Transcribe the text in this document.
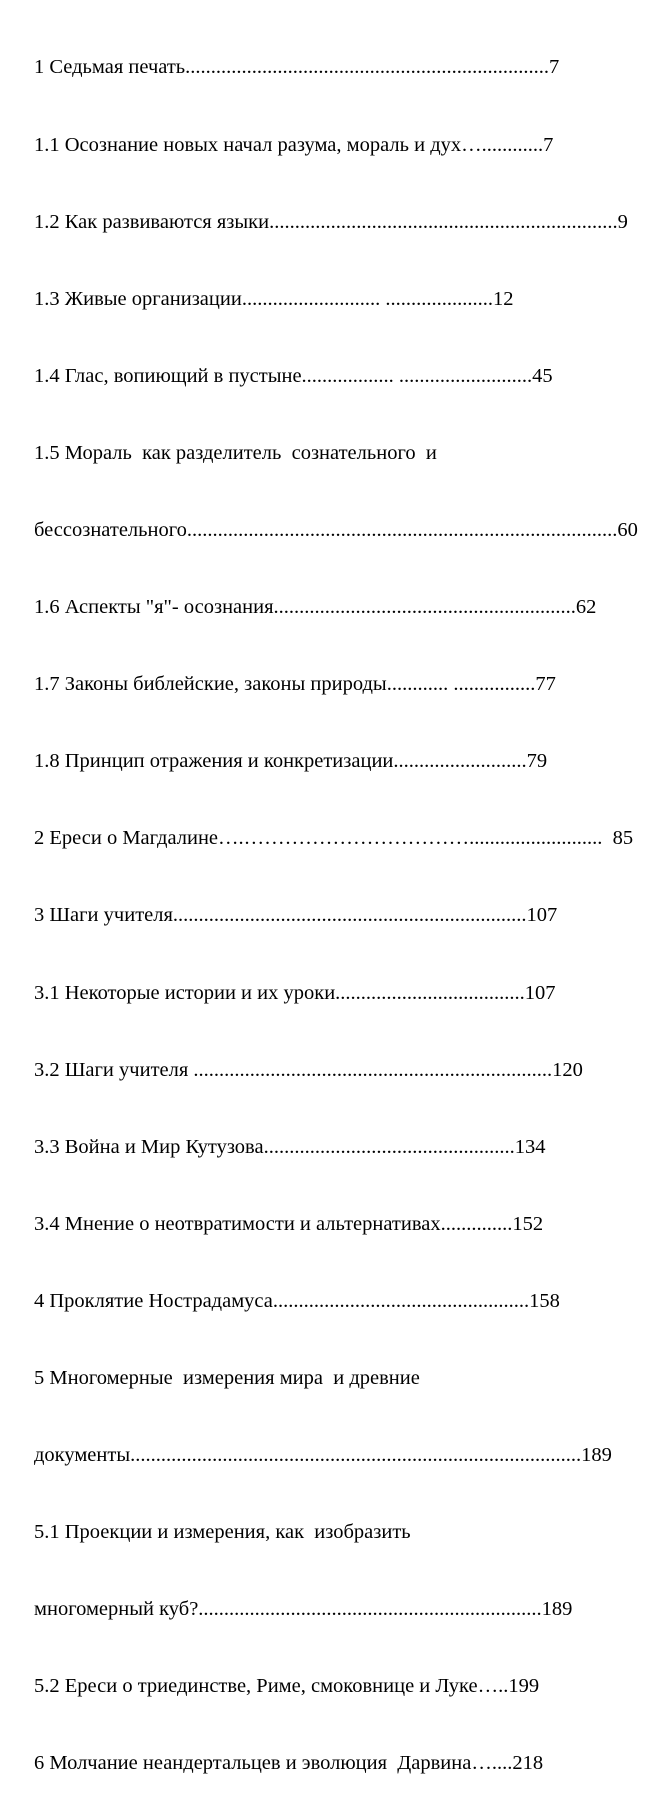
1 Седьмая печать.......................................................................7

1.1 Осознание новых начал разума, мораль и дух…............7

1.2 Как развиваются языки....................................................................9

1.3 Живые организации........................... .....................12

1.4 Глас, вопиющий в пустыне.................. ..........................45

1.5 Мораль  как разделитель  сознательного  и

бессознательного....................................................................................60

1.6 Аспекты "я"- осознания...........................................................62

1.7 Законы библейские, законы природы............ ................77

1.8 Принцип отражения и конкретизации..........................79

2 Ереси о Магдалине….……………………………..........................  85

3 Шаги учителя.....................................................................107

3.1 Некоторые истории и их уроки.....................................107

3.2 Шаги учителя ......................................................................120

3.3 Война и Мир Кутузова.................................................134

3.4 Мнение о неотвратимости и альтернативах..............152

4 Проклятие Нострадамуса..................................................158

5 Многомерные  измерения мира  и древние

документы........................................................................................189

5.1 Проекции и измерения, как  изобразить

многомерный куб?...................................................................189

5.2 Ереси о триединстве, Риме, смоковнице и Луке…..199

6 Молчание неандертальцев и эволюция  Дарвина…....218
